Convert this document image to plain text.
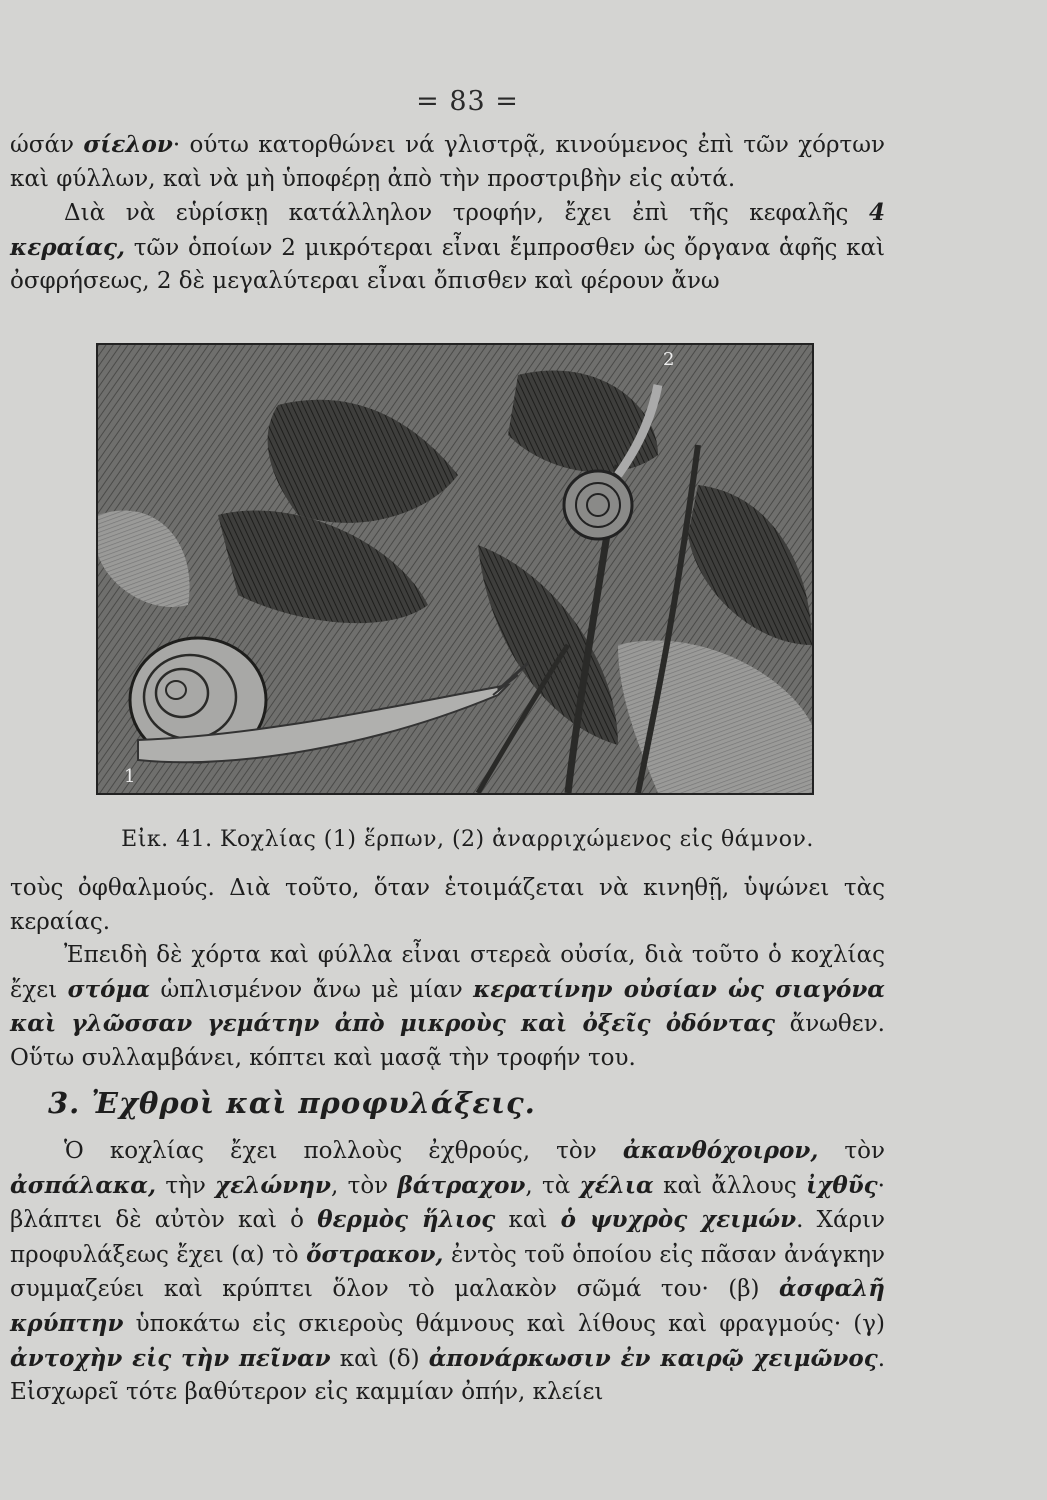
= 83 =

ώσάν σίελον· ούτω κατορθώνει νά γλιστρᾷ, κινούμενος ἐπὶ τῶν χόρτων καὶ φύλλων, καὶ νὰ μὴ ὑποφέρῃ ἀπὸ τὴν προστριβὴν εἰς αὐτά.

Διὰ νὰ εὑρίσκῃ κατάλληλον τροφήν, ἔχει ἐπὶ τῆς κεφαλῆς 4 κεραίας, τῶν ὁποίων 2 μικρότεραι εἶναι ἔμπροσθεν ὡς ὄργανα ἁφῆς καὶ ὀσφρήσεως, 2 δὲ μεγαλύτεραι εἶναι ὄπισθεν καὶ φέρουν ἄνω

1
2
Εἰκ. 41. Κοχλίας (1) ἕρπων, (2) ἀναρριχώμενος εἰς θάμνον.

τοὺς ὀφθαλμούς. Διὰ τοῦτο, ὅταν ἑτοιμάζεται νὰ κινηθῇ, ὑψώνει τὰς κεραίας.

Ἐπειδὴ δὲ χόρτα καὶ φύλλα εἶναι στερεὰ οὐσία, διὰ τοῦτο ὁ κοχλίας ἔχει στόμα ὡπλισμένον ἄνω μὲ μίαν κερατίνην οὐσίαν ὡς σιαγόνα καὶ γλῶσσαν γεμάτην ἀπὸ μικροὺς καὶ ὀξεῖς ὀδόντας ἄνωθεν. Οὕτω συλλαμβάνει, κόπτει καὶ μασᾷ τὴν τροφήν του.

3. Ἐχθροὶ καὶ προφυλάξεις.

Ὁ κοχλίας ἔχει πολλοὺς ἐχθρούς, τὸν ἀκανθόχοιρον, τὸν ἀσπάλακα, τὴν χελώνην, τὸν βάτραχον, τὰ χέλια καὶ ἄλλους ἰχθῦς· βλάπτει δὲ αὐτὸν καὶ ὁ θερμὸς ἥλιος καὶ ὁ ψυχρὸς χειμών. Χάριν προφυλάξεως ἔχει (α) τὸ ὄστρακον, ἐντὸς τοῦ ὁποίου εἰς πᾶσαν ἀνάγκην συμμαζεύει καὶ κρύπτει ὅλον τὸ μαλακὸν σῶμά του· (β) ἀσφαλῆ κρύπτην ὑποκάτω εἰς σκιεροὺς θάμνους καὶ λίθους καὶ φραγμούς· (γ) ἀντοχὴν εἰς τὴν πεῖναν καὶ (δ) ἀπονάρκωσιν ἐν καιρῷ χειμῶνος. Εἰσχωρεῖ τότε βαθύτερον εἰς καμμίαν ὀπήν, κλείει
